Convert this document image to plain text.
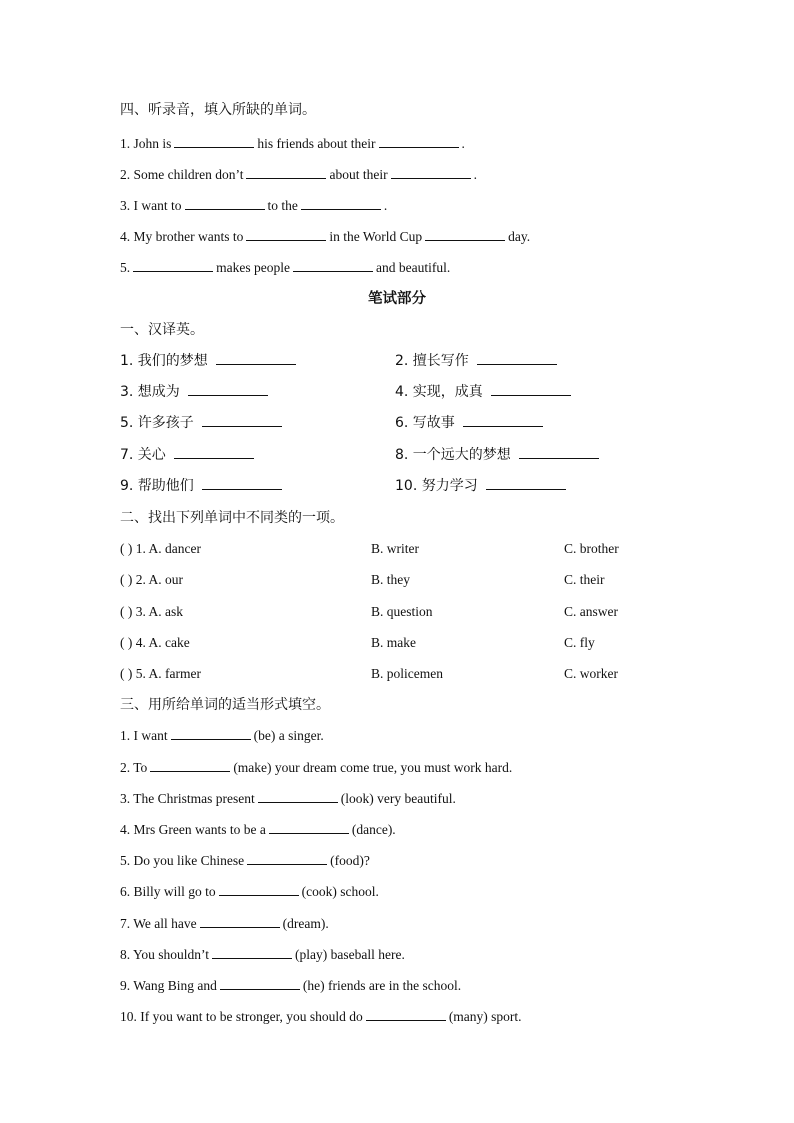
四、听录音，填入所缺的单词。
1. John is	his friends about their	.
2. Some children don’t	about their	.
3. I want to	to the	.
4. My brother wants to	in the World Cup	day.
5.	makes people	and beautiful.
笔试部分
一、汉译英。
1. 我们的梦想	2. 擅长写作
3. 想成为	4. 实现，成真
5. 许多孩子	6. 写故事
7. 关心	8. 一个远大的梦想
9. 帮助他们	10. 努力学习
二、找出下列单词中不同类的一项。
( ) 1. A. dancer	B. writer	C. brother
( ) 2. A. our	B. they	C. their
( ) 3. A. ask	B. question	C. answer
( ) 4. A. cake	B. make	C. fly
( ) 5. A. farmer	B. policemen	C. worker
三、用所给单词的适当形式填空。
1. I want	(be) a singer.
2. To	(make) your dream come true, you must work hard.
3. The Christmas present	(look) very beautiful.
4. Mrs Green wants to be a	(dance).
5. Do you like Chinese	(food)?
6. Billy will go to	(cook) school.
7. We all have	(dream).
8. You shouldn’t	(play) baseball here.
9. Wang Bing and	(he) friends are in the school.
10. If you want to be stronger, you should do	(many) sport.
